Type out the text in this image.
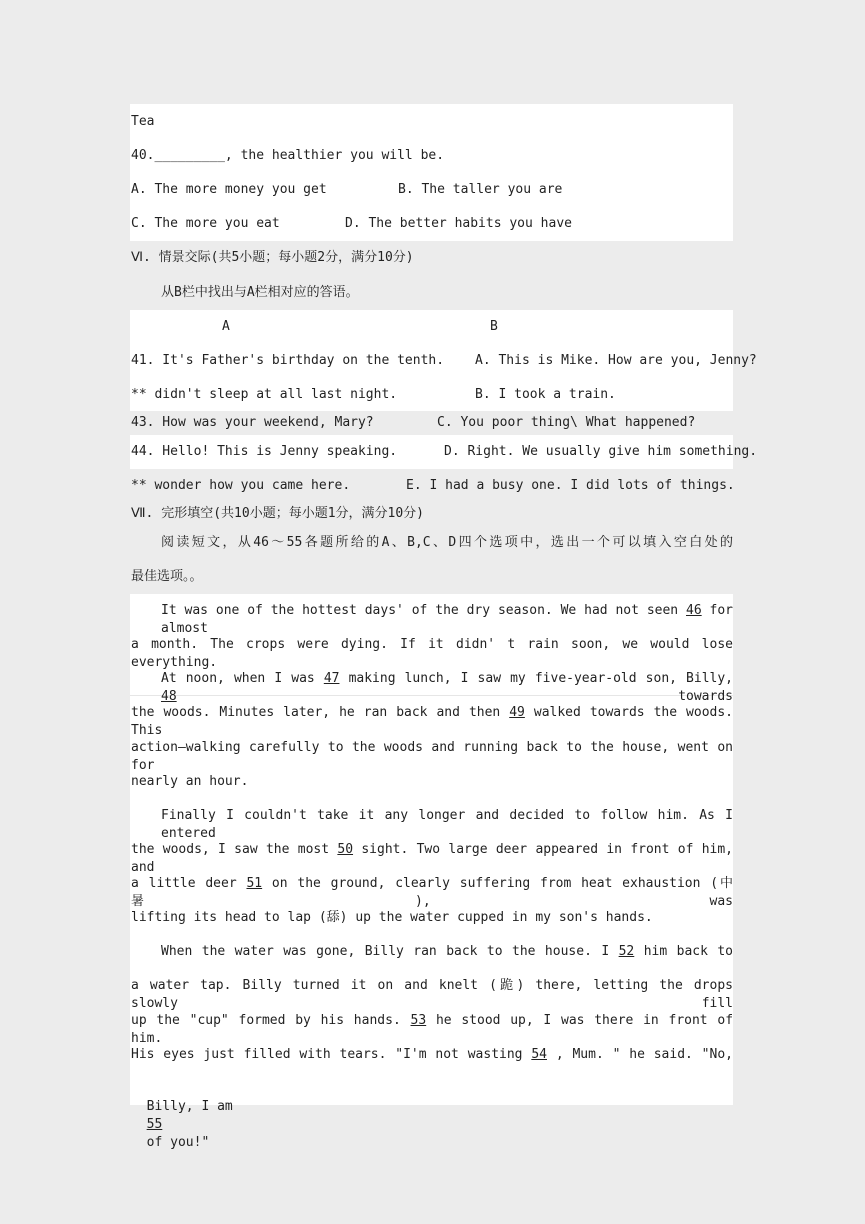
Tea
40._________, the healthier you will be.
A. The more money you get	B. The taller you are
C. The more you eat	D. The better habits you have
Ⅵ. 情景交际(共5小题；每小题2分，满分10分)
从B栏中找出与A栏相对应的答语。
A	B
41. It's Father's birthday on the tenth.	A. This is Mike. How are you, Jenny?
** didn't sleep at all last night.	B. I took a train.
43. How was your weekend, Mary?	C. You poor thing\ What happened?
44. Hello! This is Jenny speaking.	D. Right. We usually give him something.
** wonder how you came here.	E. I had a busy one. I did lots of things.
Ⅶ. 完形填空(共10小题；每小题1分，满分10分)
阅读短文，从46～55各题所给的A、B,C、D四个选项中，选出一个可以填入空白处的
最佳选项。。
It was one of the hottest days' of the dry season. We had not seen 46 for almost
a month. The crops were dying. If it didn' t rain soon, we would lose everything.
At noon, when I was 47 making lunch, I saw my five-year-old son, Billy, 48	towards
the woods. Minutes later, he ran back and then 49 walked towards the woods. This
action—walking carefully to the woods and running back to the house, went on for
nearly an hour.
Finally I couldn't take it any longer and decided to follow him. As I entered
the woods, I saw the most 50 sight. Two large deer appeared in front of him, and
a little deer 51 on the ground, clearly suffering from heat exhaustion (中暑), was
lifting its head to lap (舔) up the water cupped in my son's hands.
When the water was gone, Billy ran back to the house. I 52 him back to
a water tap. Billy turned it on and knelt (跪) there, letting the drops slowly fill
up the "cup" formed by his hands. 53 he stood up, I was there in front of him.
His eyes just filled with tears. "I'm not wasting 54 , Mum. " he said. "No,

Billy, I am
55
of you!"
